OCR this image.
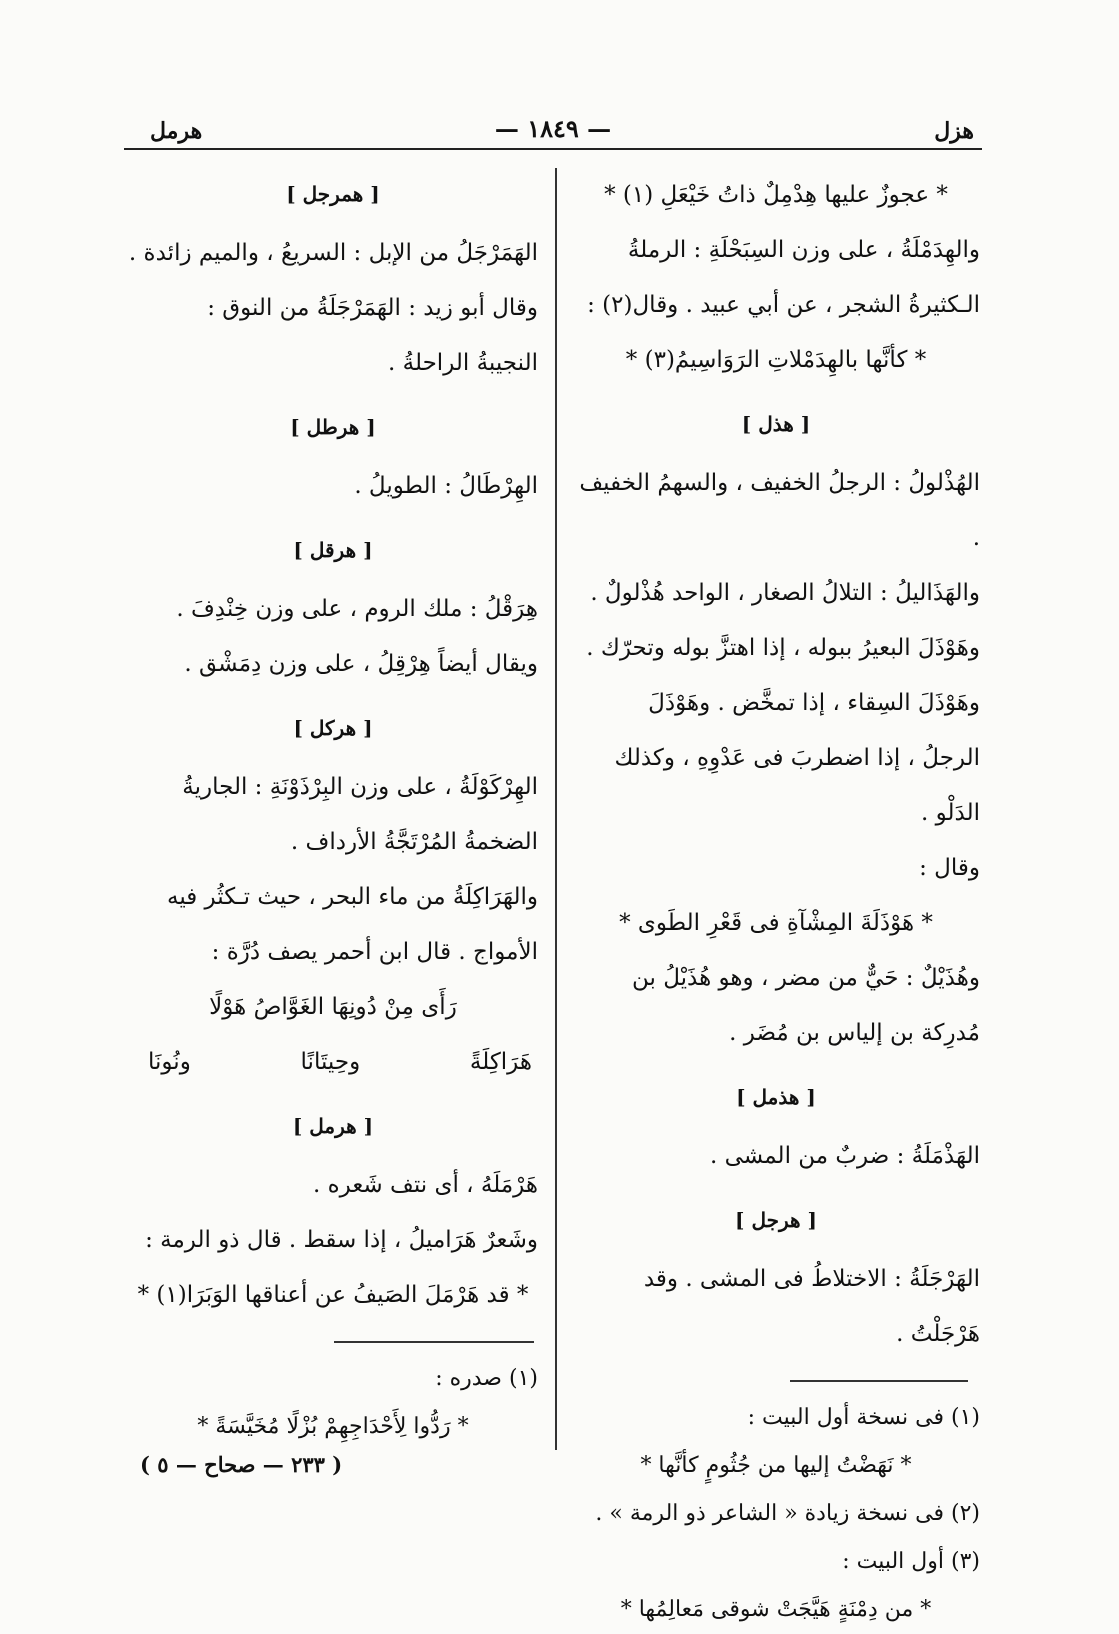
هزل
— ١٨٤٩ —
هرمل

* عجوزٌ عليها هِدْمِلٌ ذاتُ خَيْعَلِ (١) *

والهِدَمْلَةُ ، على وزن السِبَحْلَةِ : الرملةُ

الـكثيرةُ الشجر ، عن أبي عبيد . وقال(٢) :

* كأنَّها بالهِدَمْلاتِ الرَوَاسِيمُ(٣) *

[ هذل ]

الهُذْلولُ : الرجلُ الخفيف ، والسهمُ الخفيف .

والهَذَاليلُ : التلالُ الصغار ، الواحد هُذْلولٌ .

وهَوْذَلَ البعيرُ ببوله ، إذا اهتزَّ بوله وتحرّك .

وهَوْذَلَ السِقاء ، إذا تمخَّض . وهَوْذَلَ

الرجلُ ، إذا اضطربَ فى عَدْوِهِ ، وكذلك الدَلْو .

وقال :

* هَوْذَلَةَ المِشْآةِ فى قَعْرِ الطَوى *

وهُذَيْلٌ : حَيٌّ من مضر ، وهو هُذَيْلُ بن

مُدرِكة بن إلياس بن مُضَر .

[ هذمل ]

الهَذْمَلَةُ : ضربٌ من المشى .

[ هرجل ]

الهَرْجَلَةُ : الاختلاطُ فى المشى . وقد هَرْجَلْتُ .

(١) فى نسخة أول البيت :

* نَهَضْتُ إليها من جُثُومٍ كأنَّها *

(٢) فى نسخة زيادة « الشاعر ذو الرمة » .

(٣) أول البيت :

* من دِمْنَةٍ هَيَّجَتْ شوقى مَعالِمُها *

[ همرجل ]

الهَمَرْجَلُ من الإبل : السريعُ ، والميم زائدة .

وقال أبو زيد : الهَمَرْجَلَةُ من النوق :

النجيبةُ الراحلةُ .

[ هرطل ]

الهِرْطَالُ : الطويلُ .

[ هرقل ]

هِرَقْلُ : ملك الروم ، على وزن خِنْدِفَ .

ويقال أيضاً هِرْقِلُ ، على وزن دِمَشْق .

[ هركل ]

الهِرْكَوْلَةُ ، على وزن البِرْذَوْنَةِ : الجاريةُ

الضخمةُ المُرْتَجَّةُ الأرداف .

والهَرَاكِلَةُ من ماء البحر ، حيث تـكثُر فيه

الأمواج . قال ابن أحمر يصف دُرَّة :

رَأَى مِنْ دُونِهَا الغَوَّاصُ هَوْلًا

هَرَاكِلَةً
وحِيتَانًا
ونُونَا
[ هرمل ]

هَرْمَلَهُ ، أى نتف شَعره .

وشَعرٌ هَرَاميلُ ، إذا سقط . قال ذو الرمة :

* قد هَرْمَلَ الصَيفُ عن أعناقها الوَبَرَا(١) *

(١) صدره :

* رَدُّوا لِأَحْدَاجِهِمْ بُزْلًا مُخَيَّسَةً *

( ٢٣٣ — صحاح — ٥ )
